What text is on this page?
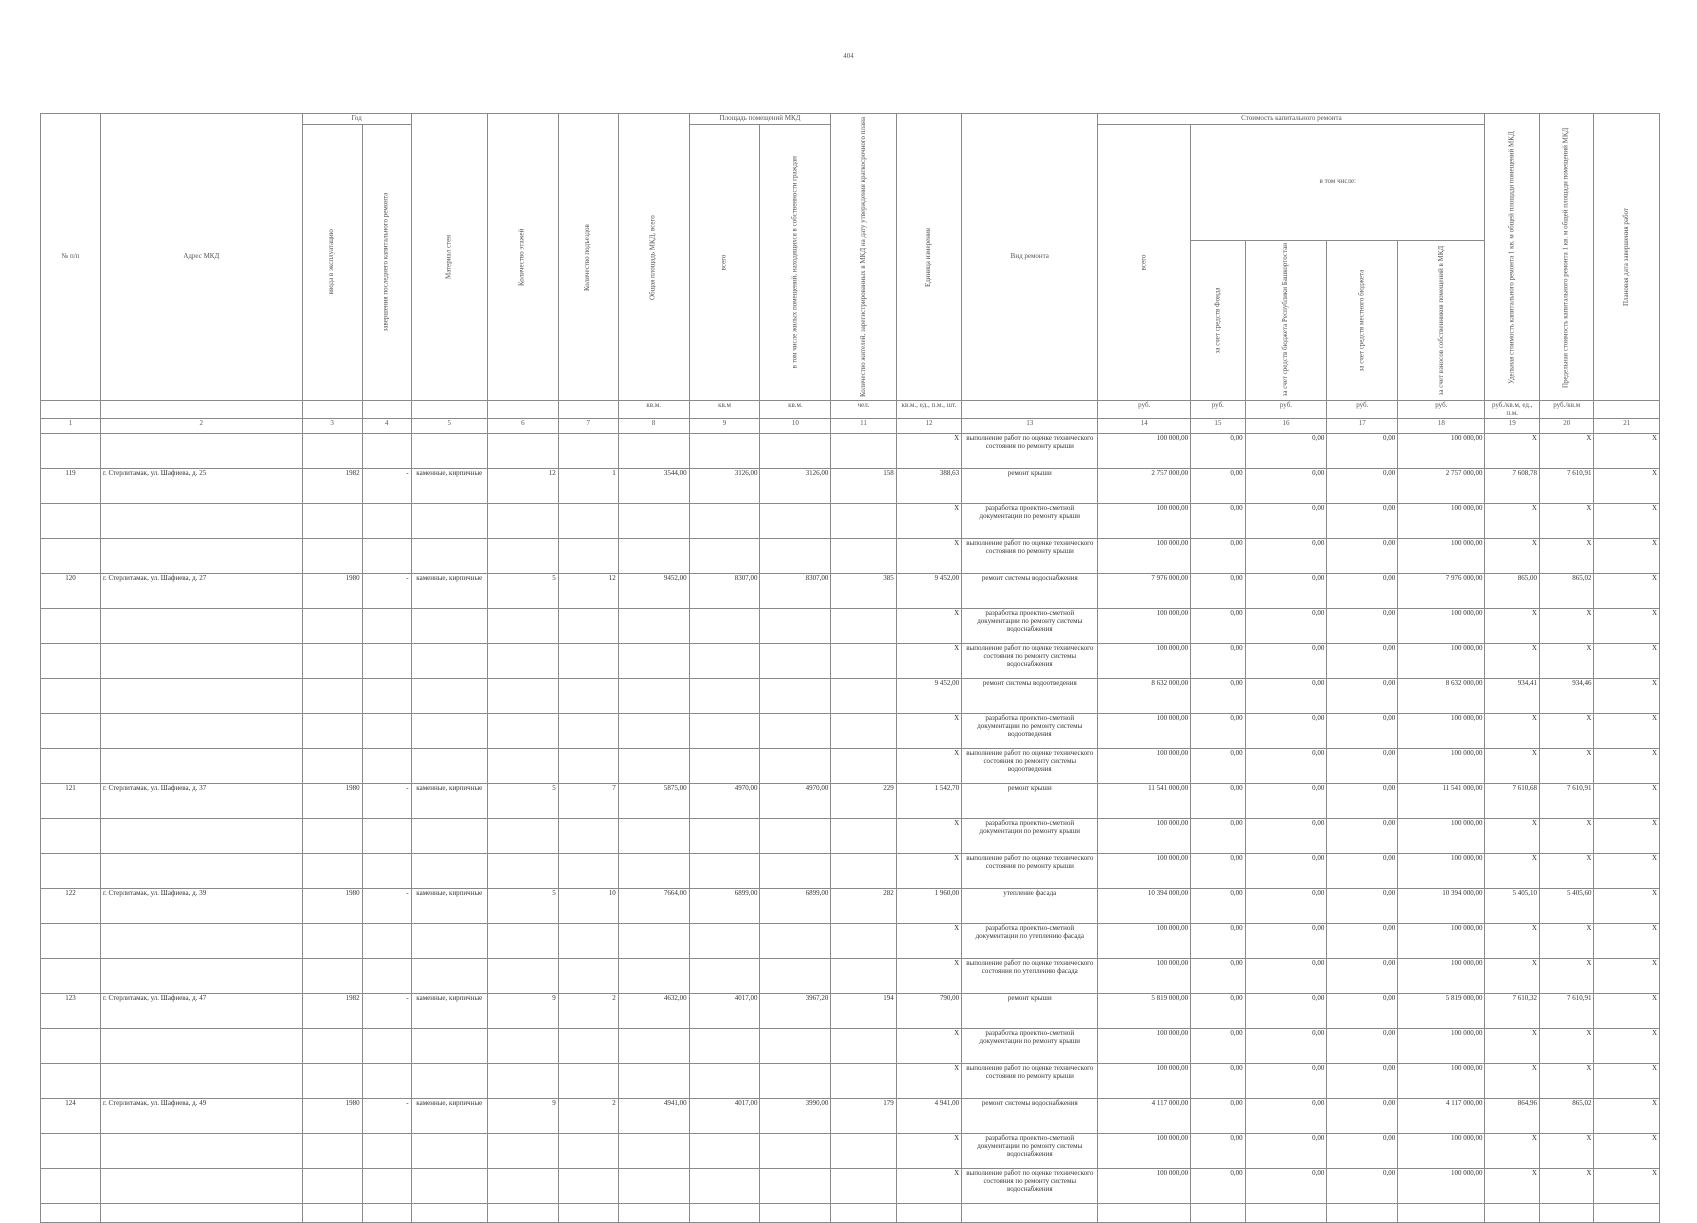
404
№ п/п	Адрес МКД	Год		Материал стен	Количество этажей	Количество подъездов	Общая площадь МКД, всего	Площадь помещений МКД		Количество жителей, зарегистрированных в МКД на дату утверждения краткосрочного плана	Единица измерения	Вид ремонта	Стоимость капитального ремонта					Удельная стоимость капитального ремонта 1 кв. м общей площади помещений МКД	Предельная стоимость капитального ремонта 1 кв. м общей площади помещений МКД	Плановая дата завершения работ
		ввода в эксплуатацию	завершения последнего капитального ремонта					всего	в том числе жилых помещений, находящихся в собственности граждан				всего	в том числе:						
														за счет средств Фонда	за счет средств бюджета Республики Башкортостан	за счет средств местного бюджета	за счет взносов собственников помещений в МКД			
							кв.м.	кв.м	кв.м.	чел.	кв.м., ед., п.м., шт.		руб.	руб.	руб.	руб.	руб.	руб./кв.м, ед., п.м.	руб./кв.м	
1	2	3	4	5	6	7	8	9	10	11	12	13	14	15	16	17	18	19	20	21
											X	выполнение работ по оценке технического состояния по ремонту крыши	100 000,00	0,00	0,00	0,00	100 000,00	X	X	X
119	г. Стерлитамак, ул. Шафиева, д. 25	1982	-	каменные, кирпичные	12	1	3544,00	3126,00	3126,00	158	388,63	ремонт крыши	2 757 000,00	0,00	0,00	0,00	2 757 000,00	7 608,78	7 610,91	X
											X	разработка проектно-сметной документации по ремонту крыши	100 000,00	0,00	0,00	0,00	100 000,00	X	X	X
											X	выполнение работ по оценке технического состояния по ремонту крыши	100 000,00	0,00	0,00	0,00	100 000,00	X	X	X
120	г. Стерлитамак, ул. Шафиева, д. 27	1980	-	каменные, кирпичные	5	12	9452,00	8307,00	8307,00	385	9 452,00	ремонт системы водоснабжения	7 976 000,00	0,00	0,00	0,00	7 976 000,00	865,00	865,02	X
											X	разработка проектно-сметной документации по ремонту системы водоснабжения	100 000,00	0,00	0,00	0,00	100 000,00	X	X	X
											X	выполнение работ по оценке технического состояния по ремонту системы водоснабжения	100 000,00	0,00	0,00	0,00	100 000,00	X	X	X
											9 452,00	ремонт системы водоотведения	8 632 000,00	0,00	0,00	0,00	8 632 000,00	934,41	934,46	X
											X	разработка проектно-сметной документации по ремонту системы водоотведения	100 000,00	0,00	0,00	0,00	100 000,00	X	X	X
											X	выполнение работ по оценке технического состояния по ремонту системы водоотведения	100 000,00	0,00	0,00	0,00	100 000,00	X	X	X
121	г. Стерлитамак, ул. Шафиева, д. 37	1980	-	каменные, кирпичные	5	7	5875,00	4970,00	4970,00	229	1 542,70	ремонт крыши	11 541 000,00	0,00	0,00	0,00	11 541 000,00	7 610,68	7 610,91	X
											X	разработка проектно-сметной документации по ремонту крыши	100 000,00	0,00	0,00	0,00	100 000,00	X	X	X
											X	выполнение работ по оценке технического состояния по ремонту крыши	100 000,00	0,00	0,00	0,00	100 000,00	X	X	X
122	г. Стерлитамак, ул. Шафиева, д. 39	1980	-	каменные, кирпичные	5	10	7664,00	6899,00	6899,00	282	1 960,00	утепление фасада	10 394 000,00	0,00	0,00	0,00	10 394 000,00	5 405,10	5 405,60	X
											X	разработка проектно-сметной документации по утеплению фасада	100 000,00	0,00	0,00	0,00	100 000,00	X	X	X
											X	выполнение работ по оценке технического состояния по утеплению фасада	100 000,00	0,00	0,00	0,00	100 000,00	X	X	X
123	г. Стерлитамак, ул. Шафиева, д. 47	1982	-	каменные, кирпичные	9	2	4632,00	4017,00	3967,20	194	790,00	ремонт крыши	5 819 000,00	0,00	0,00	0,00	5 819 000,00	7 610,32	7 610,91	X
											X	разработка проектно-сметной документации по ремонту крыши	100 000,00	0,00	0,00	0,00	100 000,00	X	X	X
											X	выполнение работ по оценке технического состояния по ремонту крыши	100 000,00	0,00	0,00	0,00	100 000,00	X	X	X
124	г. Стерлитамак, ул. Шафиева, д. 49	1980	-	каменные, кирпичные	9	2	4941,00	4017,00	3990,00	179	4 941,00	ремонт системы водоснабжения	4 117 000,00	0,00	0,00	0,00	4 117 000,00	864,96	865,02	X
											X	разработка проектно-сметной документации по ремонту системы водоснабжения	100 000,00	0,00	0,00	0,00	100 000,00	X	X	X
											X	выполнение работ по оценке технического состояния по ремонту системы водоснабжения	100 000,00	0,00	0,00	0,00	100 000,00	X	X	X
